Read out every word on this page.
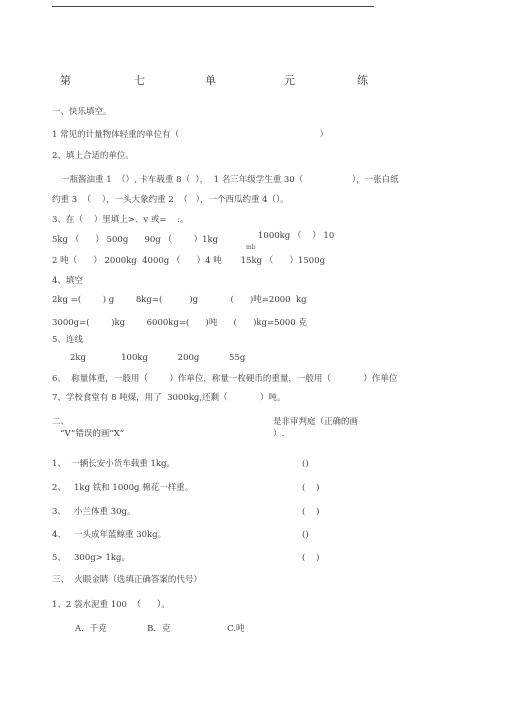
第	七	单	元	练
一、快乐填空。
1 常见的计量物体轻重的单位有（                                                    ）
2、填上合适的单位。
一瓶酱油重 1  （）, 卡车载重 8（  ），  1 名三年级学生重 30（                  ），一张白纸
约重 3  （    ），一头大象约重 2  （   ），一个西瓜约重 4（）。
3、在（    ）里填上>、v 或=    :。
5kg （      ） 500g      90g （        ）1kg	1000kg （    ） 10
mb
2 吨（      ） 2000kg  4000g （      ）4 吨       15kg （      ）1500g
4、填空
2kg =(        ) g        8kg=(          )g            (      )吨=2000  kg
3000g=(        )kg        6000kg=(      )吨      (      )kg=5000 克
5、连线
2kg             100kg           200g           55g
6、  称量体重，一般用（        ）作单位，称量一枚硬币的重量，一般用（            ）作单位
7、学校食堂有 8 吨煤，用了  3000kg,还剩（            ）吨。
二、	是非审判庭（正确的画
“V”错误的画“X”	）.
1、  一辆长安小货车载重 1kg。	()
2、   1kg 铁和 1000g 棉花一样重。	(    )
3、   小兰体重 30g。	(    )
4、   一头成年蓝鲸重 30kg。	()
5、   300g> 1kg。	(    )
三、  火眼金睛（选填正确答案的代号）
1、2 袋水泥重 100  （      ）。
A．千克               B．克                     C.吨
